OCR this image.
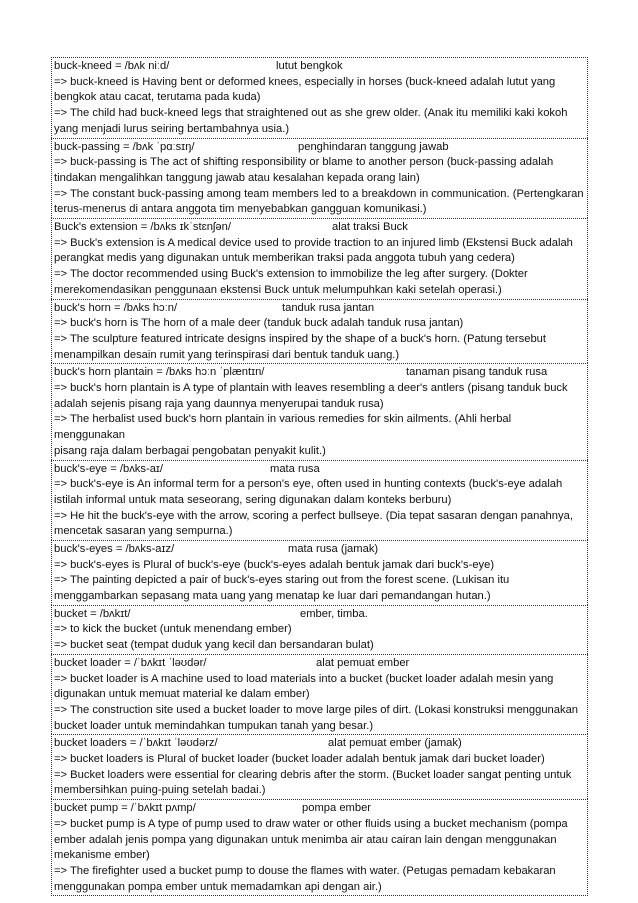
buck-kneed = /bʌk niːd/	lutut bengkok

=> buck-kneed is Having bent or deformed knees, especially in horses (buck-kneed adalah lutut yang

bengkok atau cacat, terutama pada kuda)

=> The child had buck-kneed legs that straightened out as she grew older. (Anak itu memiliki kaki kokoh

yang menjadi lurus seiring bertambahnya usia.)

buck-passing = /bʌk ˈpɑːsɪŋ/	penghindaran tanggung jawab

=> buck-passing is The act of shifting responsibility or blame to another person (buck-passing adalah

tindakan mengalihkan tanggung jawab atau kesalahan kepada orang lain)

=> The constant buck-passing among team members led to a breakdown in communication. (Pertengkaran

terus-menerus di antara anggota tim menyebabkan gangguan komunikasi.)

Buck's extension = /bʌks ɪkˈstɛnʃən/	alat traksi Buck

=> Buck's extension is A medical device used to provide traction to an injured limb (Ekstensi Buck adalah

perangkat medis yang digunakan untuk memberikan traksi pada anggota tubuh yang cedera)

=> The doctor recommended using Buck's extension to immobilize the leg after surgery. (Dokter

merekomendasikan penggunaan ekstensi Buck untuk melumpuhkan kaki setelah operasi.)

buck's horn = /bʌks hɔːn/	tanduk rusa jantan

=> buck's horn is The horn of a male deer (tanduk buck adalah tanduk rusa jantan)

=> The sculpture featured intricate designs inspired by the shape of a buck's horn. (Patung tersebut

menampilkan desain rumit yang terinspirasi dari bentuk tanduk uang.)

buck's horn plantain = /bʌks hɔːn ˈplæntɪn/	tanaman pisang tanduk rusa

=> buck's horn plantain is A type of plantain with leaves resembling a deer's antlers (pisang tanduk buck

adalah sejenis pisang raja yang daunnya menyerupai tanduk rusa)

=> The herbalist used buck's horn plantain in various remedies for skin ailments. (Ahli herbal menggunakan

pisang raja dalam berbagai pengobatan penyakit kulit.)

buck's-eye = /bʌks-aɪ/	mata rusa

=> buck's-eye is An informal term for a person's eye, often used in hunting contexts (buck's-eye adalah

istilah informal untuk mata seseorang, sering digunakan dalam konteks berburu)

=> He hit the buck's-eye with the arrow, scoring a perfect bullseye. (Dia tepat sasaran dengan panahnya,

mencetak sasaran yang sempurna.)

buck's-eyes = /bʌks-aɪz/	mata rusa (jamak)

=> buck's-eyes is Plural of buck's-eye (buck's-eyes adalah bentuk jamak dari buck's-eye)

=> The painting depicted a pair of buck's-eyes staring out from the forest scene. (Lukisan itu

menggambarkan sepasang mata uang yang menatap ke luar dari pemandangan hutan.)

bucket = /bʌkɪt/	ember, timba.

=> to kick the bucket (untuk menendang ember)

=> bucket seat (tempat duduk yang kecil dan bersandaran bulat)

bucket loader = /ˈbʌkɪt ˈləʊdər/	alat pemuat ember

=> bucket loader is A machine used to load materials into a bucket (bucket loader adalah mesin yang

digunakan untuk memuat material ke dalam ember)

=> The construction site used a bucket loader to move large piles of dirt. (Lokasi konstruksi menggunakan

bucket loader untuk memindahkan tumpukan tanah yang besar.)

bucket loaders = /ˈbʌkɪt ˈləʊdərz/	alat pemuat ember (jamak)

=> bucket loaders is Plural of bucket loader (bucket loader adalah bentuk jamak dari bucket loader)

=> Bucket loaders were essential for clearing debris after the storm. (Bucket loader sangat penting untuk

membersihkan puing-puing setelah badai.)

bucket pump = /ˈbʌkɪt pʌmp/	pompa ember

=> bucket pump is A type of pump used to draw water or other fluids using a bucket mechanism (pompa

ember adalah jenis pompa yang digunakan untuk menimba air atau cairan lain dengan menggunakan

mekanisme ember)

=> The firefighter used a bucket pump to douse the flames with water. (Petugas pemadam kebakaran

menggunakan pompa ember untuk memadamkan api dengan air.)
